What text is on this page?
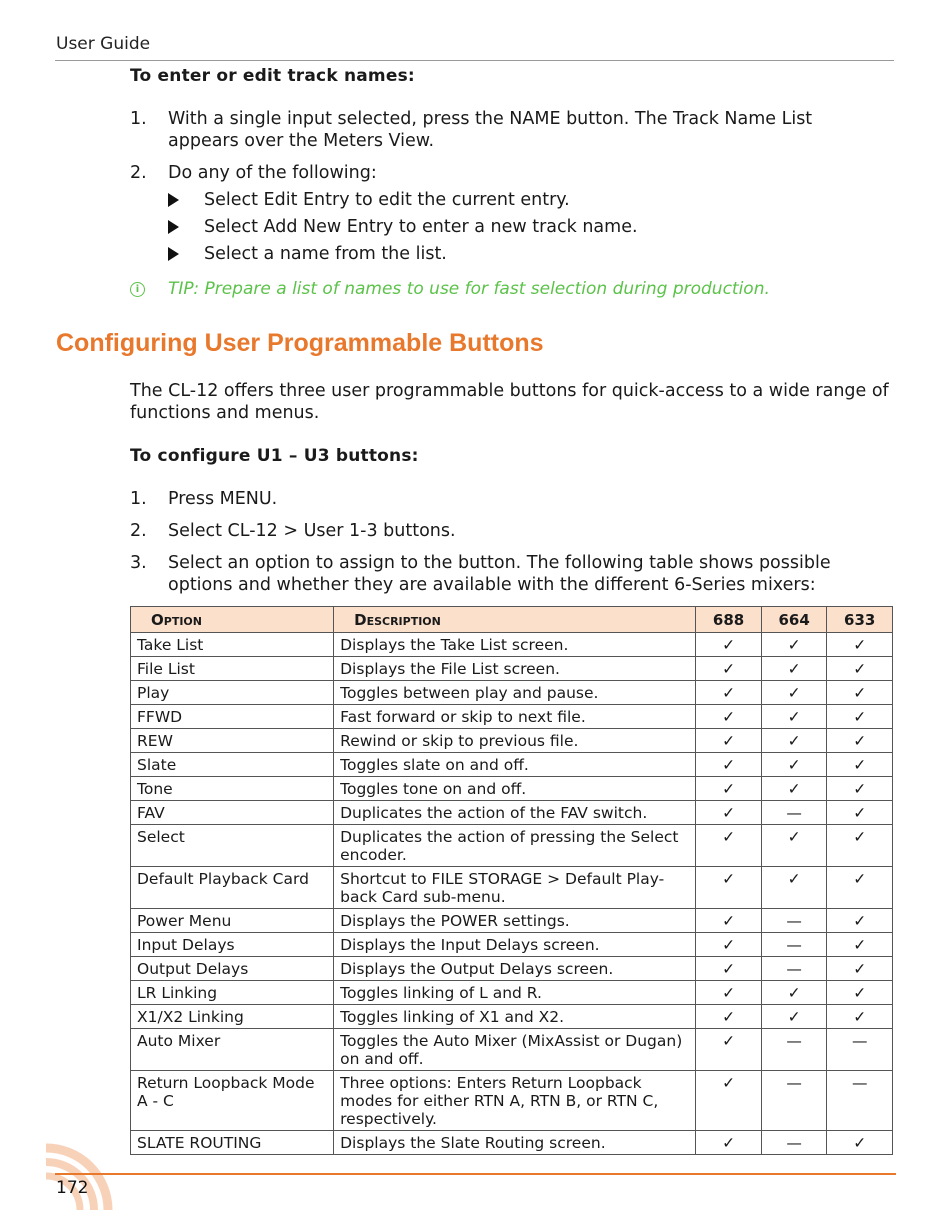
User Guide
To enter or edit track names:
1. With a single input selected, press the NAME button. The Track Name List appears over the Meters View.
2. Do any of the following:
Select Edit Entry to edit the current entry.
Select Add New Entry to enter a new track name.
Select a name from the list.
i	TIP: Prepare a list of names to use for fast selection during production.
Configuring User Programmable Buttons
The CL-12 offers three user programmable buttons for quick-access to a wide range of functions and menus.
To configure U1 – U3 buttons:
1. Press MENU.
2. Select CL-12 > User 1-3 buttons.
3. Select an option to assign to the button. The following table shows possible options and whether they are available with the different 6-Series mixers:
Option	Description	688	664	633
Take List	Displays the Take List screen.	✓	✓	✓
File List	Displays the File List screen.	✓	✓	✓
Play	Toggles between play and pause.	✓	✓	✓
FFWD	Fast forward or skip to next file.	✓	✓	✓
REW	Rewind or skip to previous file.	✓	✓	✓
Slate	Toggles slate on and off.	✓	✓	✓
Tone	Toggles tone on and off.	✓	✓	✓
FAV	Duplicates the action of the FAV switch.	✓	—	✓
Select	Duplicates the action of pressing the Select encoder.	✓	✓	✓
Default Playback Card	Shortcut to FILE STORAGE > Default Play-back Card sub-menu.	✓	✓	✓
Power Menu	Displays the POWER settings.	✓	—	✓
Input Delays	Displays the Input Delays screen.	✓	—	✓
Output Delays	Displays the Output Delays screen.	✓	—	✓
LR Linking	Toggles linking of L and R.	✓	✓	✓
X1/X2 Linking	Toggles linking of X1 and X2.	✓	✓	✓
Auto Mixer	Toggles the Auto Mixer (MixAssist or Dugan) on and off.	✓	—	—
Return Loopback Mode A - C	Three options: Enters Return Loopback modes for either RTN A, RTN B, or RTN C, respectively.	✓	—	—
SLATE ROUTING	Displays the Slate Routing screen.	✓	—	✓
172
